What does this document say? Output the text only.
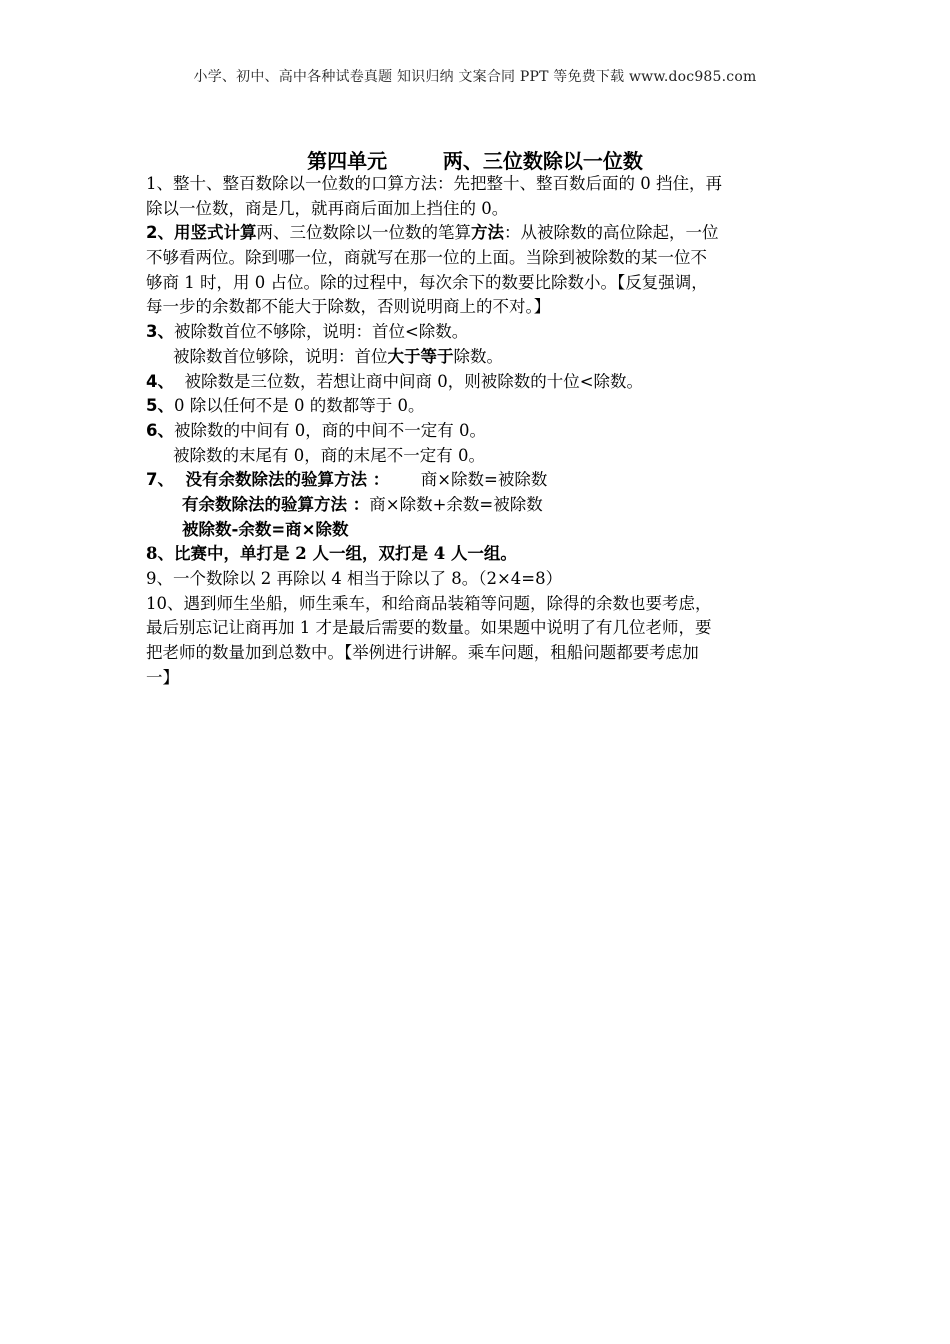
小学、初中、高中各种试卷真题 知识归纳 文案合同 PPT 等免费下载 www.doc985.com
第四单元        两、三位数除以一位数
1、整十、整百数除以一位数的口算方法：先把整十、整百数后面的 0 挡住，再
除以一位数，商是几，就再商后面加上挡住的 0。
2、用竖式计算两、三位数除以一位数的笔算方法：从被除数的高位除起，一位
不够看两位。除到哪一位，商就写在那一位的上面。当除到被除数的某一位不
够商 1 时，用 0 占位。除的过程中，每次余下的数要比除数小。【反复强调，
每一步的余数都不能大于除数，否则说明商上的不对。】
3、被除数首位不够除，说明：首位<除数。
被除数首位够除，说明：首位大于等于除数。
4、  被除数是三位数，若想让商中间商 0，则被除数的十位<除数。
5、0 除以任何不是 0 的数都等于 0。
6、被除数的中间有 0，商的中间不一定有 0。
被除数的末尾有 0，商的末尾不一定有 0。
7、  没有余数除法的验算方法 ：      商×除数=被除数
有余数除法的验算方法 ：商×除数+余数=被除数
被除数-余数=商×除数
8、比赛中，单打是 2 人一组，双打是 4 人一组。
9、一个数除以 2 再除以 4 相当于除以了 8。（2×4=8）
10、遇到师生坐船，师生乘车，和给商品装箱等问题，除得的余数也要考虑，
最后别忘记让商再加 1 才是最后需要的数量。如果题中说明了有几位老师，要
把老师的数量加到总数中。【举例进行讲解。乘车问题，租船问题都要考虑加
一】
